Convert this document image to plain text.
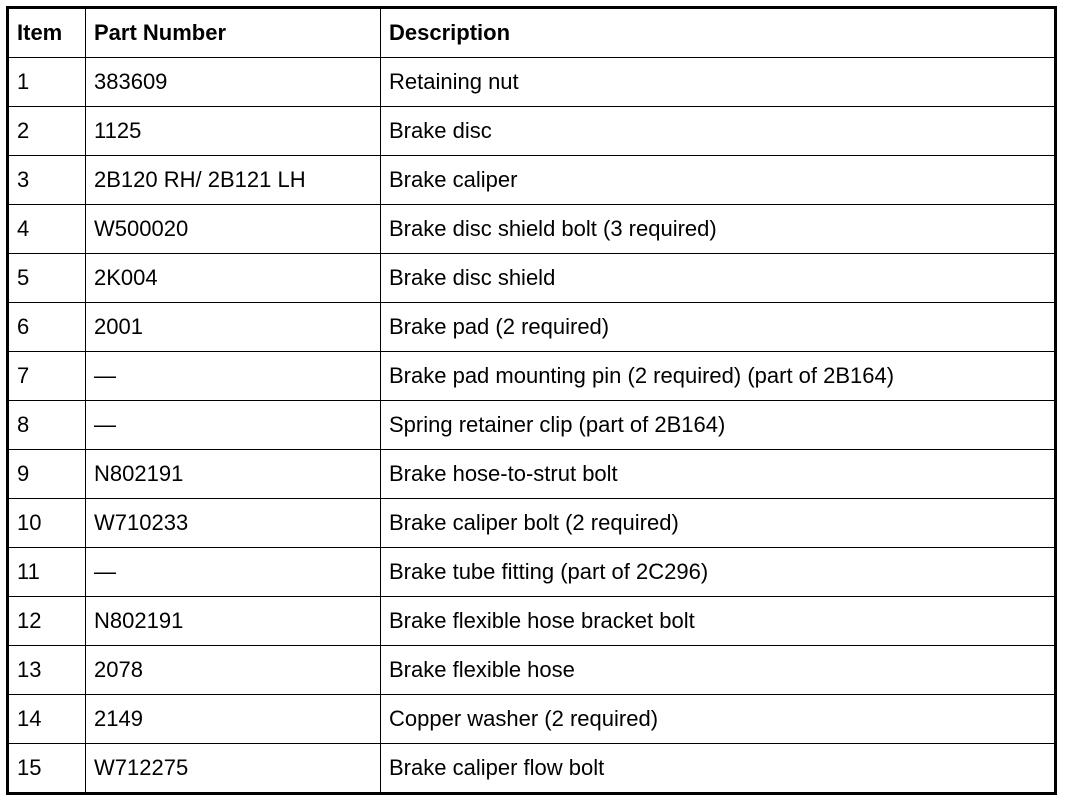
Item	Part Number	Description
1	383609	Retaining nut
2	1125	Brake disc
3	2B120 RH/ 2B121 LH	Brake caliper
4	W500020	Brake disc shield bolt (3 required)
5	2K004	Brake disc shield
6	2001	Brake pad (2 required)
7	—	Brake pad mounting pin (2 required) (part of 2B164)
8	—	Spring retainer clip (part of 2B164)
9	N802191	Brake hose-to-strut bolt
10	W710233	Brake caliper bolt (2 required)
11	—	Brake tube fitting (part of 2C296)
12	N802191	Brake flexible hose bracket bolt
13	2078	Brake flexible hose
14	2149	Copper washer (2 required)
15	W712275	Brake caliper flow bolt
